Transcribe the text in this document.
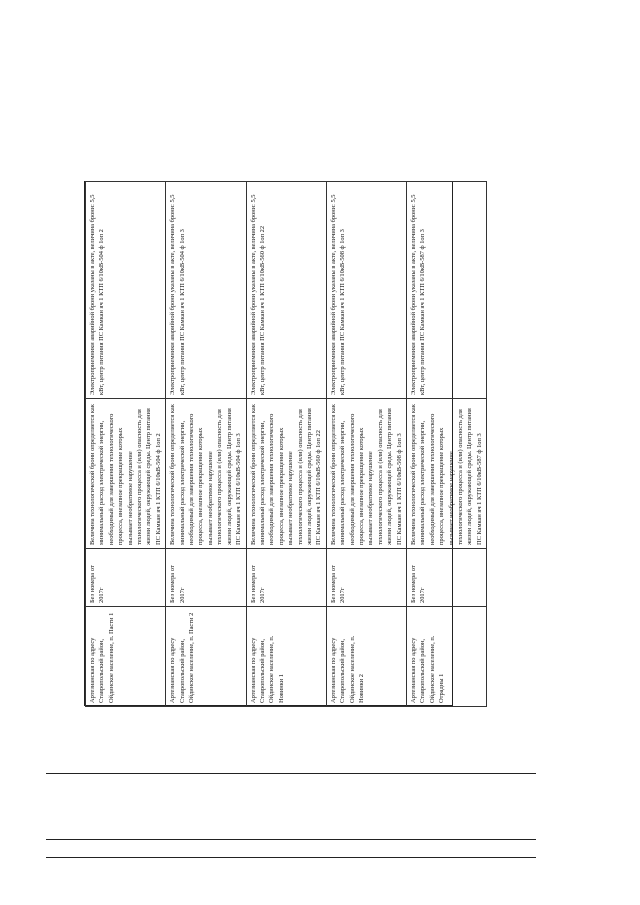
Артезианская по адресу Ставропольский район, Ойдинское население, п. Пасти 1	Без номера от 2017г	Величина технологической брони определяется как минимальный расход электрической энергии, необходимый для завершения технологического процесса, внезапное прекращение которых вызывает необратимое нарушение технологического процесса и (или) опасность для жизни людей, окружающей среды. Центр питания ПС Камкан яч 1 КТП 6/10кВ-504 ф 1оп 2	Электроприемники аварийной брони указаны в акте, величина брони: 5,5 кВт, центр питания ПС Камкан яч 1 КТП 6/10кВ-504 ф 1оп 2
Артезианская по адресу Ставропольский район, Ойдинское население, п. Пасти 2	Без номера от 2017г	Величина технологической брони определяется как минимальный расход электрической энергии, необходимый для завершения технологического процесса, внезапное прекращение которых вызывает необратимое нарушение технологического процесса и (или) опасность для жизни людей, окружающей среды. Центр питания ПС Камкан яч 1 КТП 6/10кВ-504 ф 1оп 3	Электроприемники аварийной брони указаны в акте, величина брони: 5,5 кВт, центр питания ПС Камкан яч 1 КТП 6/10кВ-504 ф 1оп 3
Артезианская по адресу Ставропольский район, Ойдинское население, п. Новинки 1	Без номера от 2017г	Величина технологической брони определяется как минимальный расход электрической энергии, необходимый для завершения технологического процесса, внезапное прекращение которых вызывает необратимое нарушение технологического процесса и (или) опасность для жизни людей, окружающей среды. Центр питания ПС Камкан яч 1 КТП 6/10кВ-560 ф 1оп 22	Электроприемники аварийной брони указаны в акте, величина брони: 5,5 кВт, центр питания ПС Камкан яч 1 КТП 6/10кВ-560 ф 1оп 22
Артезианская по адресу Ставропольский район, Ойдинское население, п. Новинки 2	Без номера от 2017г	Величина технологической брони определяется как минимальный расход электрической энергии, необходимый для завершения технологического процесса, внезапное прекращение которых вызывает необратимое нарушение технологического процесса и (или) опасность для жизни людей, окружающей среды. Центр питания ПС Камкан яч 1 КТП 6/10кВ-508 ф 1оп 3	Электроприемники аварийной брони указаны в акте, величина брони: 5,5 кВт, центр питания ПС Камкан яч 1 КТП 6/10кВ-508 ф 1оп 3
Артезианская по адресу Ставропольский район, Ойдинское население, п. Отрадны 1	Без номера от 2017г	Величина технологической брони определяется как минимальный расход электрической энергии, необходимый для завершения технологического процесса, внезапное прекращение которых вызывает необратимое нарушение технологического процесса и (или) опасность для жизни людей, окружающей среды. Центр питания ПС Камкан яч 1 КТП 6/10кВ-587 ф 1оп 3	Электроприемники аварийной брони указаны в акте, величина брони: 5,5 кВт, центр питания ПС Камкан яч 1 КТП 6/10кВ-587 ф 1оп 3
